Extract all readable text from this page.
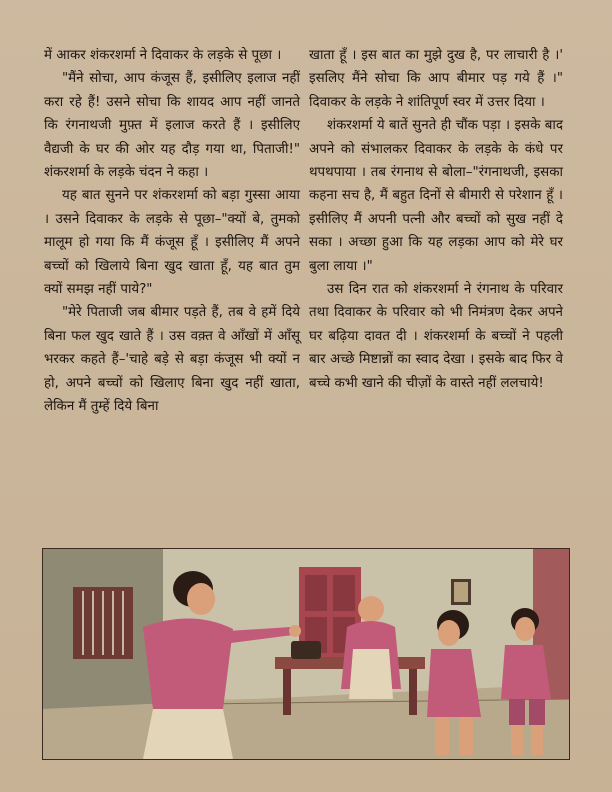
में आकर शंकरशर्मा ने दिवाकर के लड़के से पूछा ।

"मैंने सोचा, आप कंजूस हैं, इसीलिए इलाज नहीं करा रहे हैं! उसने सोचा कि शायद आप नहीं जानते कि रंगनाथजी मुफ़्त में इलाज करते हैं । इसीलिए वैद्यजी के घर की ओर यह दौड़ गया था, पिताजी!" शंकरशर्मा के लड़के चंदन ने कहा ।

यह बात सुनने पर शंकरशर्मा को बड़ा गुस्सा आया । उसने दिवाकर के लड़के से पूछा–"क्यों बे, तुमको मालूम हो गया कि मैं कंजूस हूँ । इसीलिए मैं अपने बच्चों को खिलाये बिना खुद खाता हूँ, यह बात तुम क्यों समझ नहीं पाये?"

"मेरे पिताजी जब बीमार पड़ते हैं, तब वे हमें दिये बिना फल खुद खाते हैं । उस वक़्त वे आँखों में आँसू भरकर कहते हैं–'चाहे बड़े से बड़ा कंजूस भी क्यों न हो, अपने बच्चों को खिलाए बिना खुद नहीं खाता, लेकिन मैं तुम्हें दिये बिना

खाता हूँ । इस बात का मुझे दुख है, पर लाचारी है ।' इसलिए मैंने सोचा कि आप बीमार पड़ गये हैं ।" दिवाकर के लड़के ने शांतिपूर्ण स्वर में उत्तर दिया ।

शंकरशर्मा ये बातें सुनते ही चौंक पड़ा । इसके बाद अपने को संभालकर दिवाकर के लड़के के कंधे पर थपथपाया । तब रंगनाथ से बोला–"रंगनाथजी, इसका कहना सच है, मैं बहुत दिनों से बीमारी से परेशान हूँ । इसीलिए मैं अपनी पत्नी और बच्चों को सुख नहीं दे सका । अच्छा हुआ कि यह लड़का आप को मेरे घर बुला लाया ।"

उस दिन रात को शंकरशर्मा ने रंगनाथ के परिवार तथा दिवाकर के परिवार को भी निमंत्रण देकर अपने घर बढ़िया दावत दी । शंकरशर्मा के बच्चों ने पहली बार अच्छे मिष्टान्नों का स्वाद देखा । इसके बाद फिर वे बच्चे कभी खाने की चीज़ों के वास्ते नहीं ललचाये!
